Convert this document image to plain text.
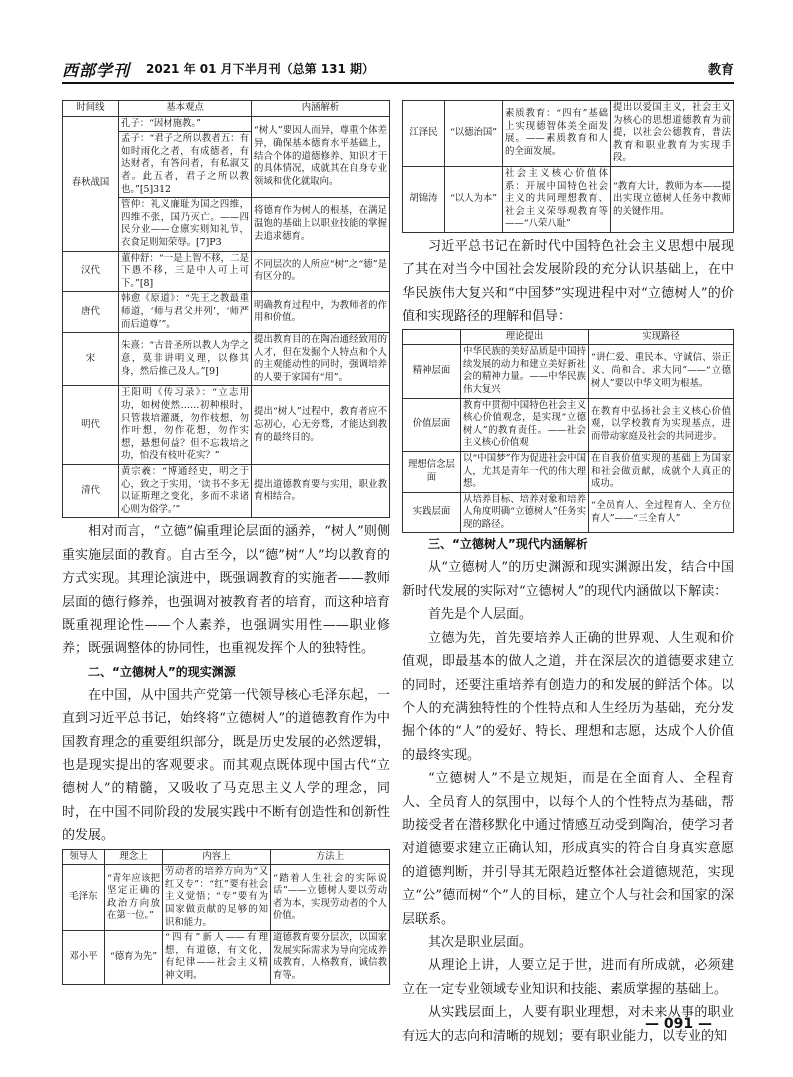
西部学刊 2021 年 01 月下半月刊（总第 131 期）	教育
时间线	基本观点	内涵解析
春秋战国	孔子：“因材施教。”	“树人”要因人而异，尊重个体差异，确保基本德育水平基础上，结合个体的道德修养、知识才干的具体情况，成就其在自身专业领域和优化就取向。
	孟子：“君子之所以教者五：有如时雨化之者，有成德者，有达财者，有答问者，有私淑艾者。此五者，君子之所以教也。”[5]312	
	管仲：礼义廉耻为国之四维，四维不张，国乃灭亡。——四民分业——仓廪实则知礼节，衣食足则知荣辱。[7]P3	将德育作为树人的根基，在满足温饱的基础上以职业技能的掌握去追求德育。
汉代	董仲舒：“一是上智不移，二是下愚不移，三是中人可上可下。”[8]	不同层次的人所应“树”之“德”是有区分的。
唐代	韩愈《原道》：“先王之教最重师道，‘师与君父并列’，‘师严而后道尊’”。	明确教育过程中，为教师者的作用和价值。
宋	朱熹：“古昔圣所以教人为学之意，莫非讲明义理，以修其身，然后推己及人。”[9]	提出教育目的在陶冶通经致用的人才，但在发掘个人特点和个人的主观能动性的同时，强调培养的人要于家国有“用”。
明代	王阳明《传习录》：“立志用功，如树使然……初种根时，只管栽培灌溉，勿作枝想，勿作叶想，勿作花想，勿作实想，悬想何益？但不忘栽培之功，怕没有枝叶花实？”	提出“树人”过程中，教育者应不忘初心，心无旁骛，才能达到教育的最终目的。
清代	黄宗羲：“博通经史，明之于心，致之于实用，‘读书不多无以证斯理之变化，多而不求诸心则为俗学。’”	提出道德教育要与实用，职业教育相结合。

相对而言，“立德”偏重理论层面的涵养，“树人”则侧重实施层面的教育。自古至今，以“德”树“人”均以教育的方式实现。其理论演进中，既强调教育的实施者——教师层面的德行修养，也强调对被教育者的培育，而这种培育既重视理论性——个人素养，也强调实用性——职业修养；既强调整体的协同性，也重视发挥个人的独特性。

二、“立德树人”的现实渊源

在中国，从中国共产党第一代领导核心毛泽东起，一直到习近平总书记，始终将“立德树人”的道德教育作为中国教育理念的重要组织部分，既是历史发展的必然逻辑，也是现实提出的客观要求。而其观点既体现中国古代“立德树人”的精髓，又吸收了马克思主义人学的理念，同时，在中国不同阶段的发展实践中不断有创造性和创新性的发展。

领导人	理念上	内容上	方法上
毛泽东	“青年应该把坚定正确的政治方向放在第一位。”	劳动者的培养方向为“又红又专”：“红”要有社会主义觉悟；“专”要有为国家做贡献的足够的知识和能力。	“踏着人生社会的实际说话”——立德树人要以劳动者为本，实现劳动者的个人价值。
邓小平	“德育为先”	“四有”新人——有理想，有道德，有文化，有纪律——社会主义精神文明。	道德教育要分层次，以国家发展实际需求为导向完成养成教育，人格教育，诚信教育等。
江泽民	“以德治国”	素质教育：“四有”基础上实现德智体美全面发展。——素质教育和人的全面发展。	提出以爱国主义，社会主义为核心的思想道德教育为前提，以社会公德教育，普法教育和职业教育为实现手段。
胡锦涛	“以人为本”	社会主义核心价值体系：开展中国特色社会主义的共同理想教育、社会主义荣辱观教育等——“八荣八耻”	“教育大计，教师为本——提出实现立德树人任务中教师的关键作用。

习近平总书记在新时代中国特色社会主义思想中展现了其在对当今中国社会发展阶段的充分认识基础上，在中华民族伟大复兴和“中国梦”实现进程中对“立德树人”的价值和实现路径的理解和倡导：

	理论提出	实现路径
精神层面	中华民族的美好品质是中国持续发展的动力和建立美好新社会的精神力量。——中华民族伟大复兴	“讲仁爱、重民本、守诚信、崇正义、尚和合、求大同”——“立德树人”要以中华文明为根基。
价值层面	教育中贯彻中国特色社会主义核心价值观念，是实现“立德树人”的教育责任。——社会主义核心价值观	在教育中弘扬社会主义核心价值观，以学校教育为实现基点，进而带动家庭及社会的共同进步。
理想信念层面	以“中国梦”作为促进社会中国人，尤其是青年一代的伟大理想。	在自我价值实现的基础上为国家和社会做贡献，成就个人真正的成功。
实践层面	从培养目标、培养对象和培养人角度明确“立德树人”任务实现的路径。	“全员育人、全过程育人、全方位育人”——“三全育人”

三、“立德树人”现代内涵解析

从“立德树人”的历史渊源和现实渊源出发，结合中国新时代发展的实际对“立德树人”的现代内涵做以下解读：

首先是个人层面。

立德为先，首先要培养人正确的世界观、人生观和价值观，即最基本的做人之道，并在深层次的道德要求建立的同时，还要注重培养有创造力的和发展的鲜活个体。以个人的充满独特性的个性特点和人生经历为基础，充分发掘个体的“人”的爱好、特长、理想和志愿，达成个人价值的最终实现。

“立德树人”不是立规矩，而是在全面育人、全程育人、全员育人的氛围中，以每个人的个性特点为基础，帮助接受者在潜移默化中通过情感互动受到陶冶，使学习者对道德要求建立正确认知，形成真实的符合自身真实意愿的道德判断，并引导其无限趋近整体社会道德规范，实现立“公”德而树“个”人的目标，建立个人与社会和国家的深层联系。

其次是职业层面。

从理论上讲，人要立足于世，进而有所成就，必须建立在一定专业领域专业知识和技能、素质掌握的基础上。

从实践层面上，人要有职业理想，对未来从事的职业有远大的志向和清晰的规划；要有职业能力，以专业的知

— 091 —
